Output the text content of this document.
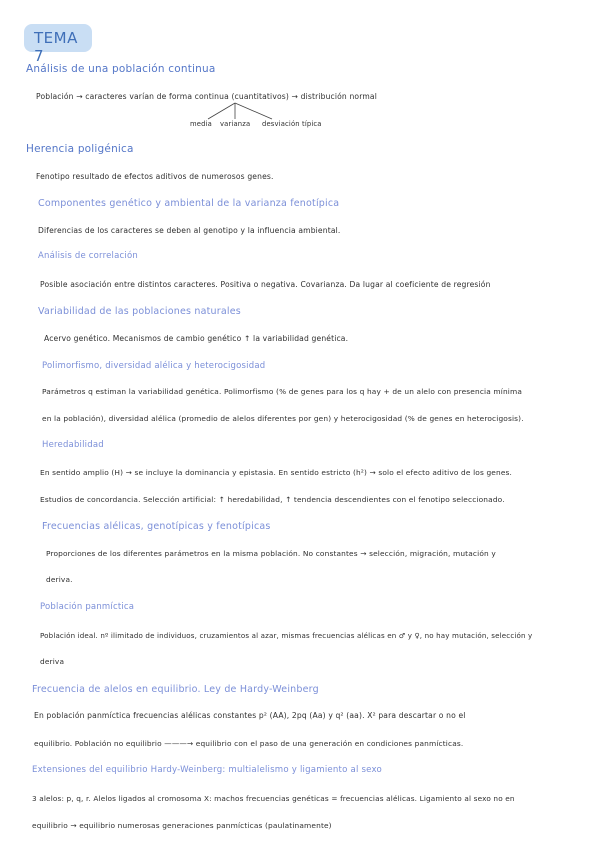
TEMA 7
Análisis de una población continua
Población → caracteres varían de forma continua (cuantitativos) → distribución normal
media varianza desviación típica
Herencia poligénica
Fenotipo resultado de efectos aditivos de numerosos genes.
Componentes genético y ambiental de la varianza fenotípica
Diferencias de los caracteres se deben al genotipo y la influencia ambiental.
Análisis de correlación
Posible asociación entre distintos caracteres. Positiva o negativa. Covarianza. Da lugar al coeficiente de regresión
Variabilidad de las poblaciones naturales
Acervo genético. Mecanismos de cambio genético ↑ la variabilidad genética.
Polimorfismo, diversidad alélica y heterocigosidad
Parámetros q estiman la variabilidad genética. Polimorfismo (% de genes para los q hay + de un alelo con presencia mínima
en la población), diversidad alélica (promedio de alelos diferentes por gen) y heterocigosidad (% de genes en heterocigosis).
Heredabilidad
En sentido amplio (H) → se incluye la dominancia y epistasia. En sentido estricto (h²) → solo el efecto aditivo de los genes.
Estudios de concordancia. Selección artificial: ↑ heredabilidad, ↑ tendencia descendientes con el fenotipo seleccionado.
Frecuencias alélicas, genotípicas y fenotípicas
Proporciones de los diferentes parámetros en la misma población. No constantes → selección, migración, mutación y
deriva.
Población panmíctica
Población ideal. nº ilimitado de individuos, cruzamientos al azar, mismas frecuencias alélicas en ♂ y ♀, no hay mutación, selección y
deriva
Frecuencia de alelos en equilibrio. Ley de Hardy-Weinberg
En población panmíctica frecuencias alélicas constantes p² (AA), 2pq (Aa) y q² (aa). X² para descartar o no el
equilibrio. Población no equilibrio ———→ equilibrio con el paso de una generación en condiciones panmícticas.
Extensiones del equilibrio Hardy-Weinberg: multialelismo y ligamiento al sexo
3 alelos: p, q, r. Alelos ligados al cromosoma X: machos frecuencias genéticas = frecuencias alélicas. Ligamiento al sexo no en
equilibrio → equilibrio numerosas generaciones panmícticas (paulatinamente)
